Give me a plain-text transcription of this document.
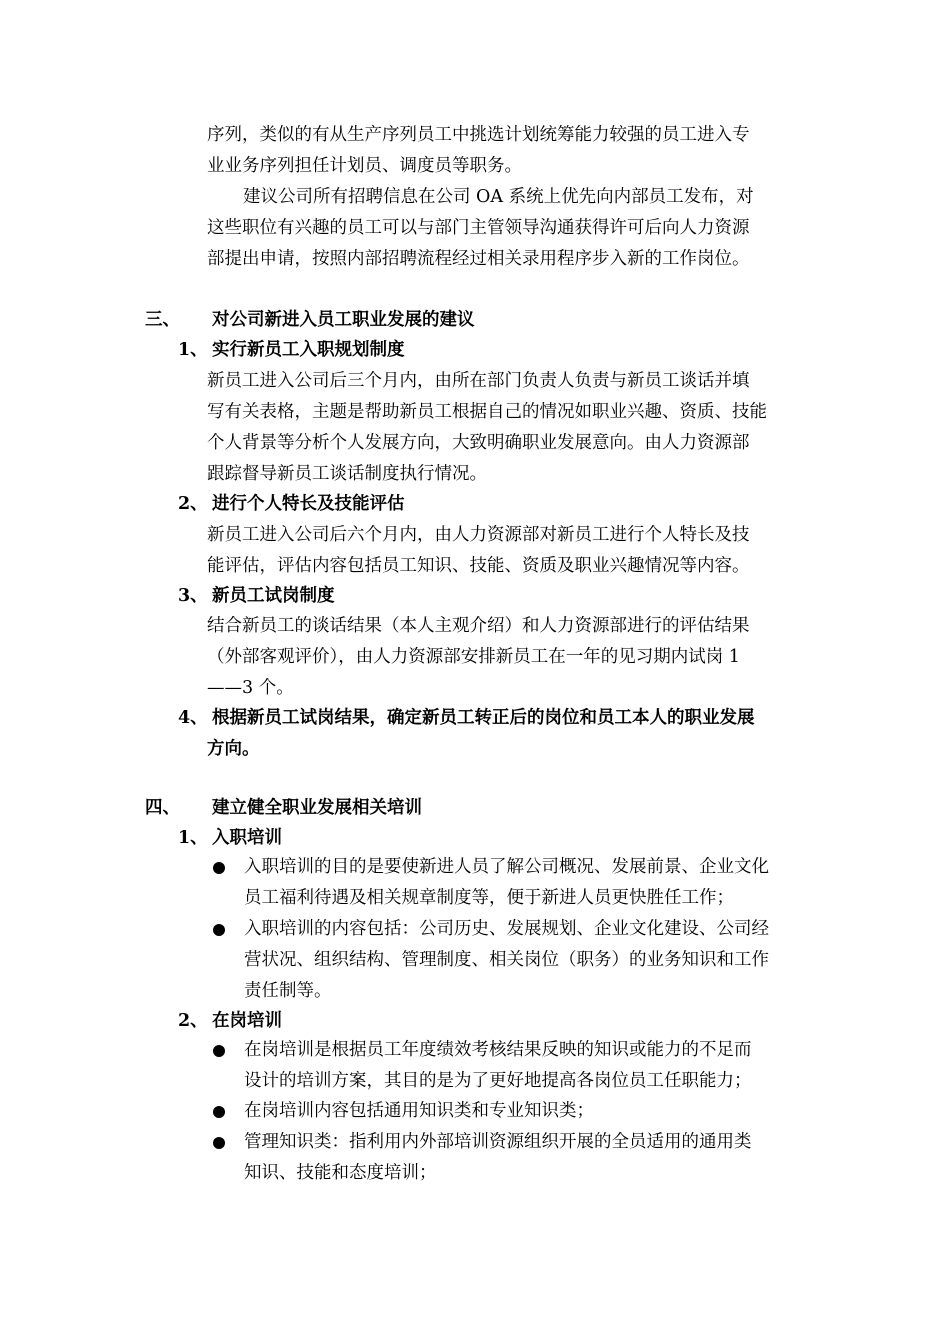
序列，类似的有从生产序列员工中挑选计划统筹能力较强的员工进入专
业业务序列担任计划员、调度员等职务。
建议公司所有招聘信息在公司 OA 系统上优先向内部员工发布，对
这些职位有兴趣的员工可以与部门主管领导沟通获得许可后向人力资源
部提出申请，按照内部招聘流程经过相关录用程序步入新的工作岗位。
三、 对公司新进入员工职业发展的建议
1、 实行新员工入职规划制度
新员工进入公司后三个月内，由所在部门负责人负责与新员工谈话并填
写有关表格，主题是帮助新员工根据自己的情况如职业兴趣、资质、技能
个人背景等分析个人发展方向，大致明确职业发展意向。由人力资源部
跟踪督导新员工谈话制度执行情况。
2、 进行个人特长及技能评估
新员工进入公司后六个月内，由人力资源部对新员工进行个人特长及技
能评估，评估内容包括员工知识、技能、资质及职业兴趣情况等内容。
3、 新员工试岗制度
结合新员工的谈话结果（本人主观介绍）和人力资源部进行的评估结果
（外部客观评价），由人力资源部安排新员工在一年的见习期内试岗 1
——3 个。
4、 根据新员工试岗结果，确定新员工转正后的岗位和员工本人的职业发展
方向。
四、 建立健全职业发展相关培训
1、 入职培训
入职培训的目的是要使新进人员了解公司概况、发展前景、企业文化
员工福利待遇及相关规章制度等，便于新进人员更快胜任工作；
入职培训的内容包括：公司历史、发展规划、企业文化建设、公司经
营状况、组织结构、管理制度、相关岗位（职务）的业务知识和工作
责任制等。
2、 在岗培训
在岗培训是根据员工年度绩效考核结果反映的知识或能力的不足而
设计的培训方案，其目的是为了更好地提高各岗位员工任职能力；
在岗培训内容包括通用知识类和专业知识类；
管理知识类：指利用内外部培训资源组织开展的全员适用的通用类
知识、技能和态度培训；
